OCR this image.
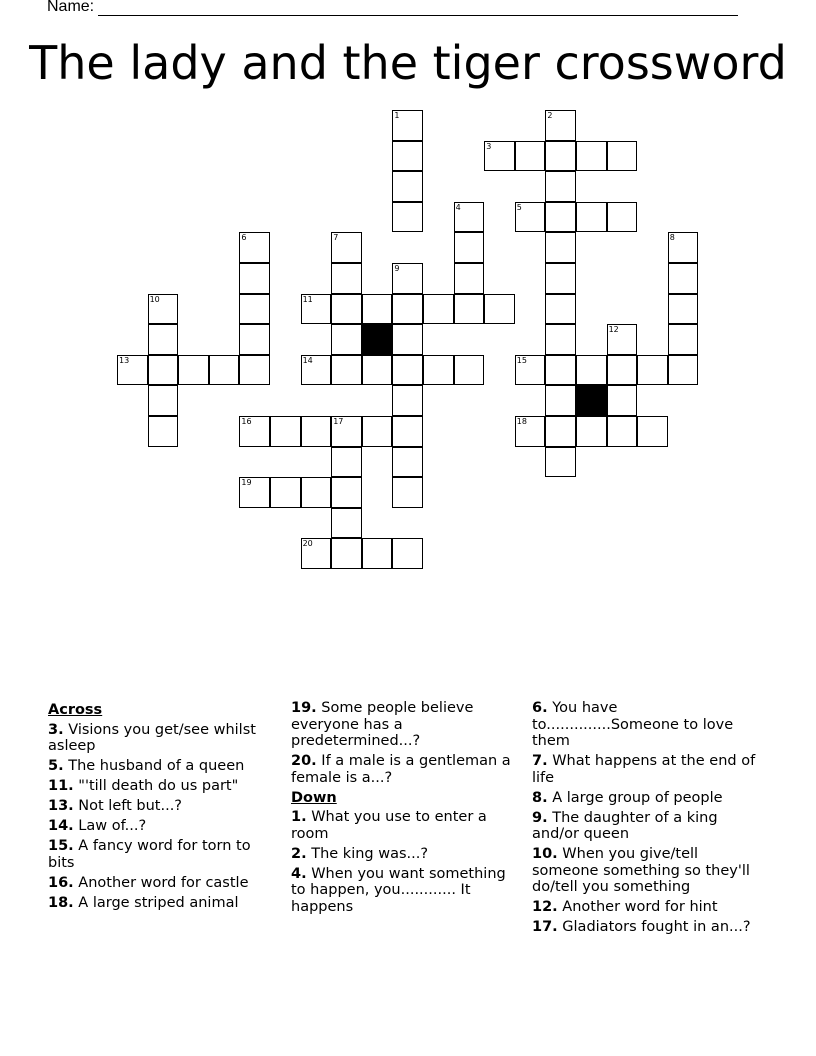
Name:
The lady and the tiger crossword
3
5
11
13	14	15
16	17	18
19
20
1	2
4
6	7	8
9
10
12
Across
3. Visions you get/see whilst asleep
5. The husband of a queen
11. "'till death do us part"
13. Not left but...?
14. Law of...?
15. A fancy word for torn to bits
16. Another word for castle
18. A large striped animal
19. Some people believe everyone has a predetermined...?
20. If a male is a gentleman a female is a...?
Down
1. What you use to enter a room
2. The king was...?
4. When you want something to happen, you............ It happens
6. You have to..............Someone to love them
7. What happens at the end of life
8. A large group of people
9. The daughter of a king and/or queen
10. When you give/tell someone something so they'll do/tell you something
12. Another word for hint
17. Gladiators fought in an...?
